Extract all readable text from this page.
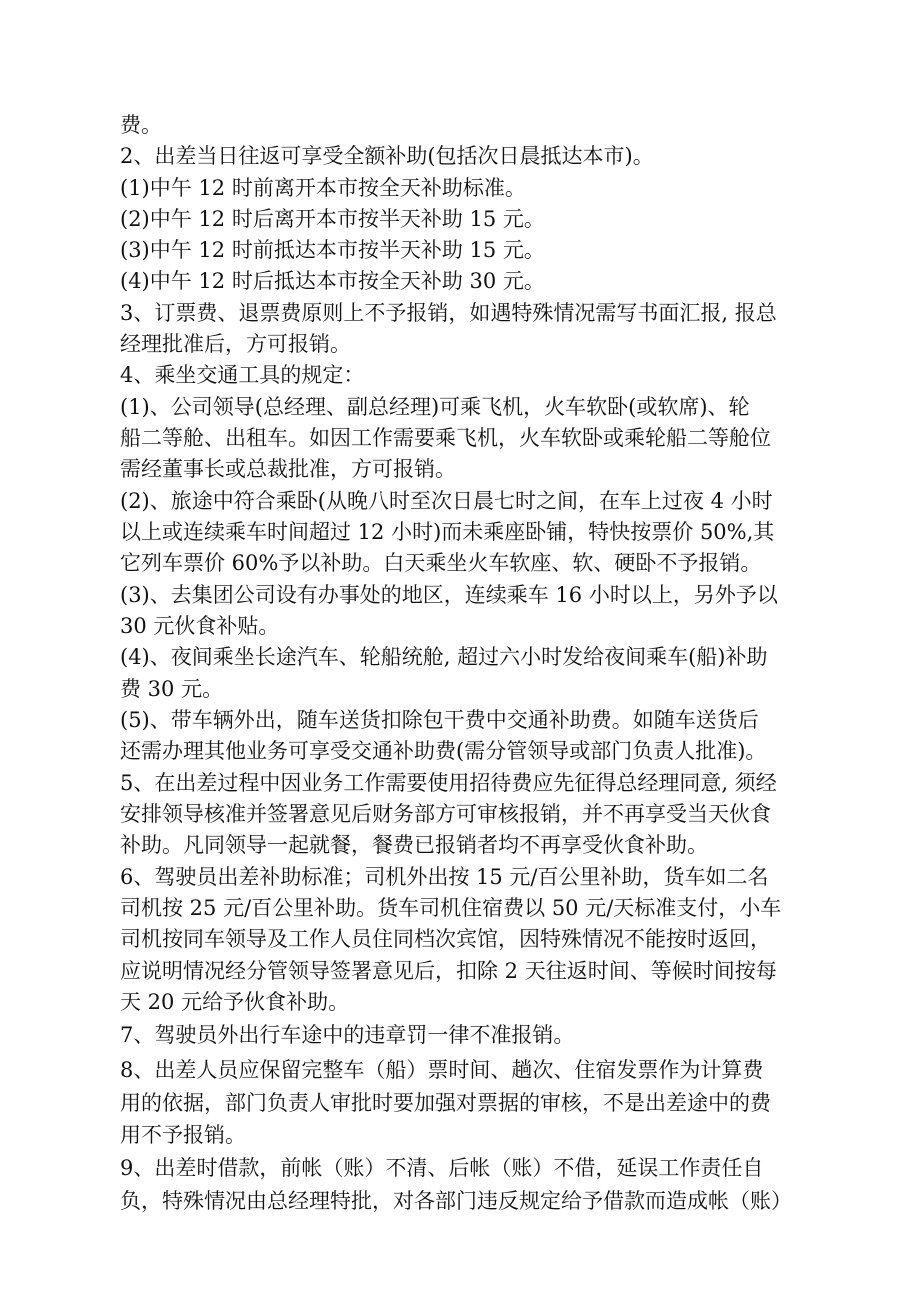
费。

2、出差当日往返可享受全额补助(包括次日晨抵达本市)。

(1)中午 12 时前离开本市按全天补助标准。

(2)中午 12 时后离开本市按半天补助 15 元。

(3)中午 12 时前抵达本市按半天补助 15 元。

(4)中午 12 时后抵达本市按全天补助 30 元。

3、订票费、退票费原则上不予报销，如遇特殊情况需写书面汇报, 报总

经理批准后，方可报销。

4、乘坐交通工具的规定：

(1)、公司领导(总经理、副总经理)可乘飞机，火车软卧(或软席)、轮

船二等舱、出租车。如因工作需要乘飞机，火车软卧或乘轮船二等舱位

需经董事长或总裁批准，方可报销。

(2)、旅途中符合乘卧(从晚八时至次日晨七时之间，在车上过夜 4 小时

以上或连续乘车时间超过 12 小时)而未乘座卧铺，特快按票价 50%,其

它列车票价 60%予以补助。白天乘坐火车软座、软、硬卧不予报销。

(3)、去集团公司设有办事处的地区，连续乘车 16 小时以上，另外予以

30 元伙食补贴。

(4)、夜间乘坐长途汽车、轮船统舱, 超过六小时发给夜间乘车(船)补助

费 30 元。

(5)、带车辆外出，随车送货扣除包干费中交通补助费。如随车送货后

还需办理其他业务可享受交通补助费(需分管领导或部门负责人批准)。

5、在出差过程中因业务工作需要使用招待费应先征得总经理同意, 须经

安排领导核准并签署意见后财务部方可审核报销，并不再享受当天伙食

补助。凡同领导一起就餐，餐费已报销者均不再享受伙食补助。

6、驾驶员出差补助标准；司机外出按 15 元/百公里补助，货车如二名

司机按 25 元/百公里补助。货车司机住宿费以 50 元/天标准支付，小车

司机按同车领导及工作人员住同档次宾馆，因特殊情况不能按时返回，

应说明情况经分管领导签署意见后，扣除 2 天往返时间、等候时间按每

天 20 元给予伙食补助。

7、驾驶员外出行车途中的违章罚一律不准报销。

8、出差人员应保留完整车（船）票时间、趟次、住宿发票作为计算费

用的依据，部门负责人审批时要加强对票据的审核，不是出差途中的费

用不予报销。

9、出差时借款，前帐（账）不清、后帐（账）不借，延误工作责任自

负，特殊情况由总经理特批，对各部门违反规定给予借款而造成帐（账）
